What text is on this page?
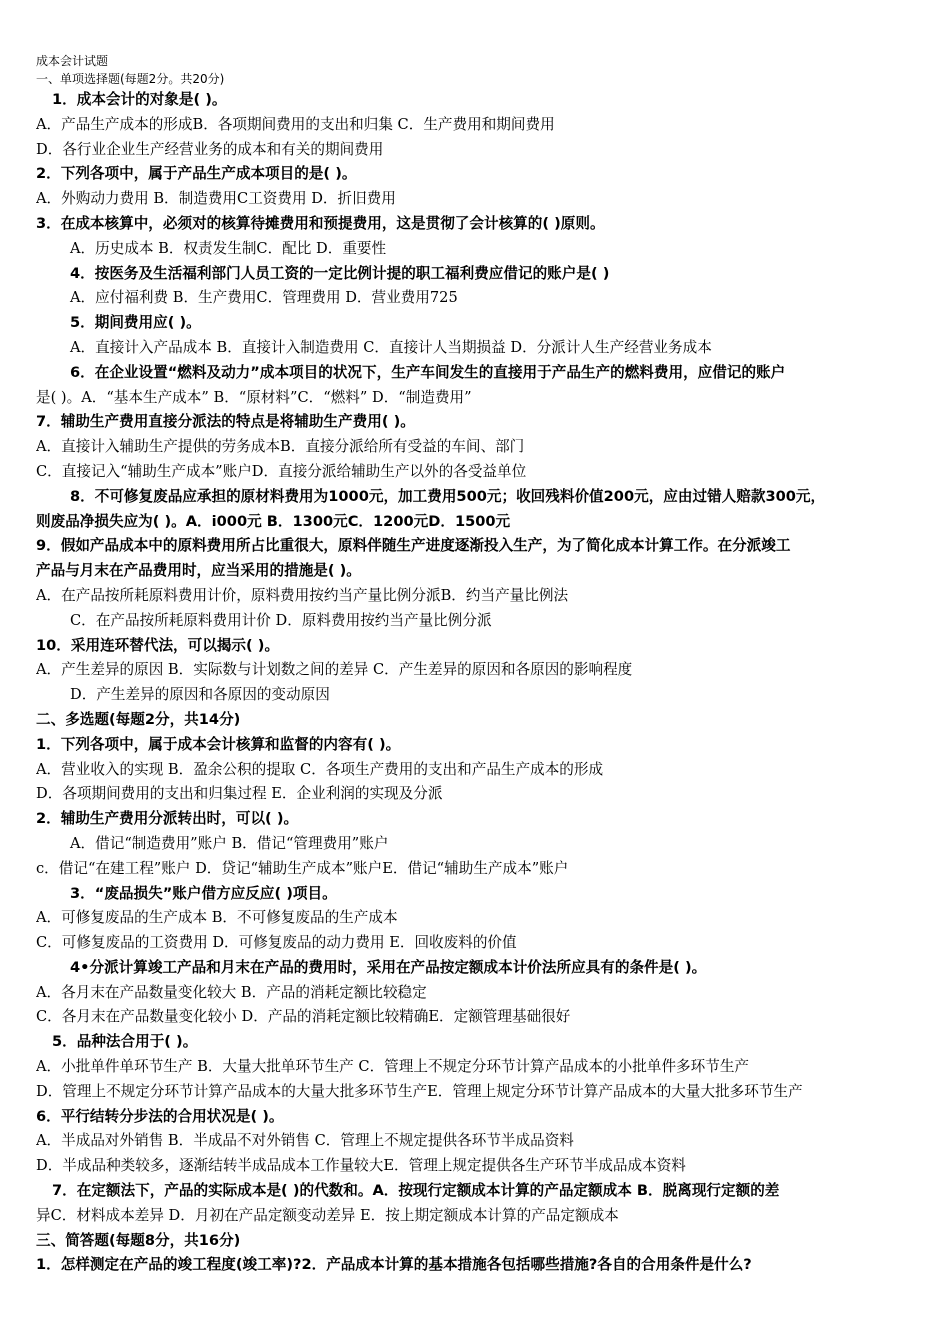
成本会计试题
一、单项选择题(每题2分。共20分)
1．成本会计的对象是( )。
A．产品生产成本的形成B．各项期间费用的支出和归集 C．生产费用和期间费用
D．各行业企业生产经营业务的成本和有关的期间费用
2．下列各项中，属于产品生产成本项目的是( )。
A．外购动力费用 B．制造费用C工资费用 D．折旧费用
3．在成本核算中，必须对的核算待摊费用和预提费用，这是贯彻了会计核算的( )原则。
A．历史成本 B．权责发生制C．配比 D．重要性
4．按医务及生活福利部门人员工资的一定比例计提的职工福利费应借记的账户是( )
A．应付福利费 B．生产费用C．管理费用 D．营业费用725
5．期间费用应( )。
A．直接计入产品成本 B．直接计入制造费用 C．直接计人当期损益 D．分派计人生产经营业务成本
6．在企业设置“燃料及动力”成本项目的状况下，生产车间发生的直接用于产品生产的燃料费用，应借记的账户
是( )。A．“基本生产成本” B．“原材料”C．“燃料” D．“制造费用”
7．辅助生产费用直接分派法的特点是将辅助生产费用( )。
A．直接计入辅助生产提供的劳务成本B．直接分派给所有受益的车间、部门
C．直接记入“辅助生产成本”账户D．直接分派给辅助生产以外的各受益单位
8．不可修复废品应承担的原材料费用为1000元，加工费用500元；收回残料价值200元，应由过错人赔款300元，
则废品净损失应为( )。A．i000元 B．1300元C．1200元D．1500元
9．假如产品成本中的原料费用所占比重很大，原料伴随生产进度逐渐投入生产，为了简化成本计算工作。在分派竣工
产品与月末在产品费用时，应当采用的措施是( )。
A．在产品按所耗原料费用计价，原料费用按约当产量比例分派B．约当产量比例法
C．在产品按所耗原料费用计价 D．原料费用按约当产量比例分派
10．采用连环替代法，可以揭示( )。
A．产生差异的原因 B．实际数与计划数之间的差异 C．产生差异的原因和各原因的影响程度
D．产生差异的原因和各原因的变动原因
二、多选题(每题2分，共14分)
1．下列各项中，属于成本会计核算和监督的内容有( )。
A．营业收入的实现 B．盈余公积的提取 C．各项生产费用的支出和产品生产成本的形成
D．各项期间费用的支出和归集过程 E．企业利润的实现及分派
2．辅助生产费用分派转出时，可以( )。
A．借记“制造费用”账户 B．借记“管理费用”账户
c．借记“在建工程”账户 D．贷记“辅助生产成本”账户E．借记“辅助生产成本”账户
3．“废品损失”账户借方应反应( )项目。
A．可修复废品的生产成本 B．不可修复废品的生产成本
C．可修复废品的工资费用 D．可修复废品的动力费用 E．回收废料的价值
4•分派计算竣工产品和月末在产品的费用时，采用在产品按定额成本计价法所应具有的条件是( )。
A．各月末在产品数量变化较大 B．产品的消耗定额比较稳定
C．各月末在产品数量变化较小 D．产品的消耗定额比较精确E．定额管理基础很好
5．品种法合用于( )。
A．小批单件单环节生产 B．大量大批单环节生产 C．管理上不规定分环节计算产品成本的小批单件多环节生产
D．管理上不规定分环节计算产品成本的大量大批多环节生产E．管理上规定分环节计算产品成本的大量大批多环节生产
6．平行结转分步法的合用状况是( )。
A．半成品对外销售 B．半成品不对外销售 C．管理上不规定提供各环节半成品资料
D．半成品种类较多，逐渐结转半成品成本工作量较大E．管理上规定提供各生产环节半成品成本资料
7．在定额法下，产品的实际成本是( )的代数和。A．按现行定额成本计算的产品定额成本 B．脱离现行定额的差
异C．材料成本差异 D．月初在产品定额变动差异 E．按上期定额成本计算的产品定额成本
三、简答题(每题8分，共16分)
1．怎样测定在产品的竣工程度(竣工率)?2．产品成本计算的基本措施各包括哪些措施?各自的合用条件是什么?
